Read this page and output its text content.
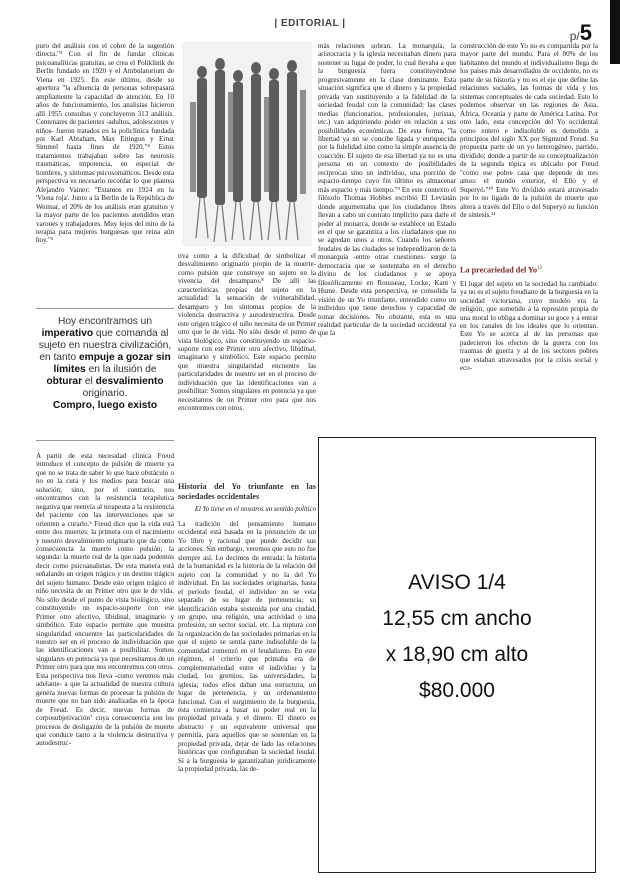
| EDITORIAL |
p/5

puro del análisis con el cobre de la sugestión directa."³ Con el fin de fundar clínicas psicoanalíticas gratuitas, se crea el Poliklinik de Berlín fundado en 1920 y el Ambulatorium de Viena en 1925. En este último, desde su apertura "la afluencia de personas sobrepasará ampliamente la capacidad de atención. En 10 años de funcionamiento, los analistas hicieron allí 1955 consultas y concluyeron 313 análisis. Centenares de pacientes -adultos, adolescentes y niños- fueron tratados en la policlínica fundada por Karl Abraham, Max Eitingon y Ernst Simmel hasta fines de 1920."⁴ Estos tratamientos trabajaban sobre las neurosis traumáticas, impotencia, en especial de hombres, y síntomas psicosomáticos. Desde esta perspectiva es necesario recordar lo que plantea Alejandro Vainer: "Estamos en 1924 en la 'Viena roja'. Junto a la Berlín de la República de Weimar, el 20% de los análisis eran gratuitos y la mayor parte de los pacientes atendidos eran varones y trabajadores. Muy lejos del mito de la terapia para mujeres burguesas que reina aún hoy."⁵

Hoy encontramos un imperativo que comanda al sujeto en nuestra civilización, en tanto empuje a gozar sin límites en la ilusión de obturar el desvalimiento originario.
Compro, luego existo

A partir de esta necesidad clínica Freud introduce el concepto de pulsión de muerte ya que no se trata de saber lo que hace obstáculo o no en la cura y los medios para buscar una solución; sino, por el contrario, nos encontramos con la resistencia terapéutica negativa que reenvía al terapeuta a la resistencia del paciente con las intervenciones que se orienten a curarlo.⁶ Freud dice que la vida está entre dos muertes: la primera con el nacimiento y nuestro desvalimiento originario que da como consecuencia la muerte como pulsión; la segunda: la muerte real de la que nada podemos decir como psicoanalistas. De esta manera está señalando un origen trágico y un destino trágico del sujeto humano. Desde este origen trágico el niño necesita de un Primer otro que le de vida. No sólo desde el punto de vista biológico, sino constituyendo un espacio-soporte con ese Primer otro afectivo, libidinal, imaginario y simbólico. Este espacio permite que muestra singularidad encuentre las particularidades de nuestro ser en el proceso de individuación que las identificaciones van a posibilitar. Somos singulares en potencia ya que necesitamos de un Primer otro para que nos encontremos con otros. Esta perspectiva nos lleva -como veremos más adelante- a que la actualidad de nuestra cultura genera nuevas formas de procesar la pulsión de muerte que no han sido analizadas en la época de Freud. Es decir, nuevas formas de corposubjetivación⁷ cuya consecuencia son los procesos de desligazón de la pulsión de muerte que conduce tanto a la violencia destructiva y autodestruc-

tiva como a la dificultad de simbolizar el desvalimiento originario propio de la muerte-como pulsión que construye un sujeto en la vivencia del desamparo.⁸ De allí las características propias del sujeto en la actualidad: la sensación de vulnerabilidad, desamparo y los síntomas propios de la violencia destructiva y autodestructiva. Desde este origen trágico el niño necesita de un Primer otro que le de vida. No sólo desde el punto de vista biológico, sino constituyendo un espacio-soporte con ese Primer otro afectivo, libidinal, imaginario y simbólico. Este espacio permite que muestra singularidad encuentre las particularidades de nuestro ser en el proceso de individuación que las identificaciones van a posibilitar: Somos singulares en potencia ya que necesitamos de un Primer otro para que nos encontremos con otros.

Historia del Yo triunfante en las sociedades occidentales
El Yo tiene en el nosotros un sentido político

La tradición del pensamiento humano occidental está basada en la presunción de un Yo libre y racional que puede decidir sus acciones. Sin embargo, veremos que esto no fue siempre así. Lo decimos de entrada: la historia de la humanidad es la historia de la relación del sujeto con la comunidad y no la del Yo individual. En las sociedades originarias, hasta el período feudal, el individuo no se veía separado de su lugar de pertenencia; su identificación estaba sostenida por una ciudad, un grupo, una religión, una actividad o una profesión, un sector social, etc. La ruptura con la organización de las sociedades primarias en la que el sujeto se sentía parte indisoluble de la comunidad comenzó en el feudalismo. En este régimen, el criterio que primaba era de complementariedad entre el individuo y la ciudad, los gremios, las universidades, la iglesia; todos ellos daban una estructura, un lugar de pertenencia, y un ordenamiento funcional. Con el surgimiento de la burguesía, ésta comienza a basar su poder real en la propiedad privada y el dinero. El dinero es abstracto y un equivalente universal que permitía, para aquellos que se sostenían en la propiedad privada, dejar de lado las relaciones históricas que configuraban la sociedad feudal. Si a la burguesía le garantizaban jurídicamente la propiedad privada, las de-

más relaciones sobran. La monarquía, la aristocracia y la iglesia necesitaban dinero para sostener su lugar de poder, lo cual llevaba a que la burguesía fuera constituyéndose progresivamente en la clase dominante. Esta situación significa que el dinero y la propiedad privada van sustituyendo a la fidelidad de la sociedad feudal con la comunidad; las clases medias (funcionarios, profesionales, juristas, etc.) van adquiriendo poder en relación a sus posibilidades económicas. De esta forma, "la libertad ya no se concibe ligada y enriquecida por la fidelidad sino como la simple ausencia de coacción. El sujeto de esa libertad ya no es una persona en un contexto de posibilidades recíprocas sino un individuo, una porción de espacio-tiempo cuyo fin último es almacenar más espacio y más tiempo."⁹ En este contexto el filósofo Thomas Hobbes escribió El Leviatán donde argumentaba que los ciudadanos libres llevan a cabo un contrato implícito para darle el poder al monarca, donde se establece un Estado en el que se garantiza a los ciudadanos que no se agredan unos a otros. Cuando los señores feudales de las ciudades se independizaron de la monarquía -entre otras cuestiones- surge la democracia que se sustentaba en el derecho divino de los ciudadanos y se apoya filosóficamente en Rousseau, Locke, Kant y Hume. Desde esta perspectiva, se consolida la visión de un Yo triunfante, entendido como un individuo que tiene derechos y capacidad de tomar decisiones. No obstante, esta es una realidad particular de la sociedad occidental ya que la

construcción de este Yo no es compartida por la mayor parte del mundo. Para el 80% de los habitantes del mundo el individualismo llega de los países más desarrollados de occidente, no es parte de su historia y no es el eje que define las relaciones sociales, las formas de vida y los sistemas conceptuales de cada sociedad. Esto lo podemos observar en las regiones de Asia, África, Oceanía y parte de América Latina. Por otro lado, esta concepción del Yo occidental como entero e indisoluble es demolido a principios del siglo XX por Sigmund Freud. Su propuesta parte de un yo heterogéneo, partido, dividido; donde a partir de su conceptualización de la segunda tópica es ubicado por Freud "como ese pobre casa que depende de tres amos: el mundo exterior, el Ello y el Superyó."¹⁰ Este Yo dividido estará atravesado por lo no ligado de la pulsión de muerte que altera a través del Ello o del Superyó su función de síntesis.¹¹

La precariedad del Yo$^{12}$

El lugar del sujeto en la sociedad ha cambiado: ya no es el sujeto freudiano de la burguesía en la sociedad victoriana, cuyo modelo era la religión, que sometido a la represión propia de una moral lo obliga a dominar su goce y a entrar en los canales de los ideales que lo orientan. Este Yo se acerca al de las personas que padecieron los efectos de la guerra con los traumas de guerra y al de los sectores pobres que estaban atravesados por la crisis social y eco-

AVISO 1/4
12,55 cm ancho
x 18,90 cm alto
$80.000
